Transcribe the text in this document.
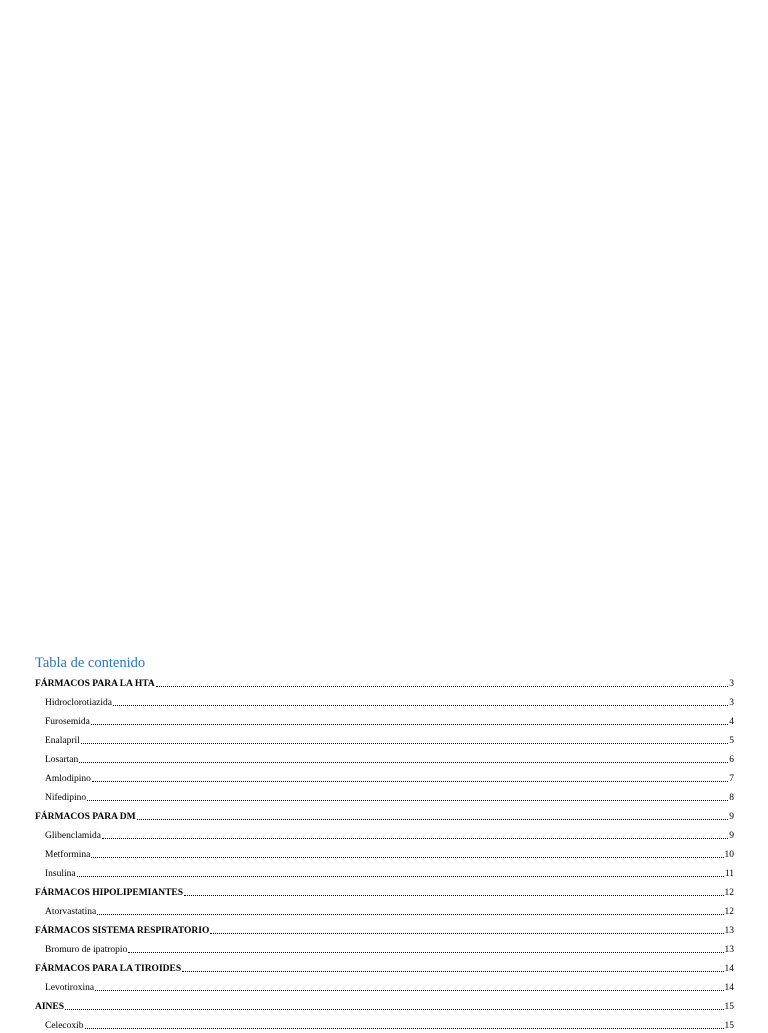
Tabla de contenido
FÁRMACOS PARA LA HTA	3
Hidroclorotiazida	3
Furosemida	4
Enalapril	5
Losartan	6
Amlodipino	7
Nifedipino	8
FÁRMACOS PARA DM	9
Glibenclamida	9
Metformina	10
Insulina	11
FÁRMACOS HIPOLIPEMIANTES	12
Atorvastatina	12
FÁRMACOS SISTEMA RESPIRATORIO	13
Bromuro de ipatropio	13
FÁRMACOS PARA LA TIROIDES	14
Levotiroxina	14
AINES	15
Celecoxib	15
